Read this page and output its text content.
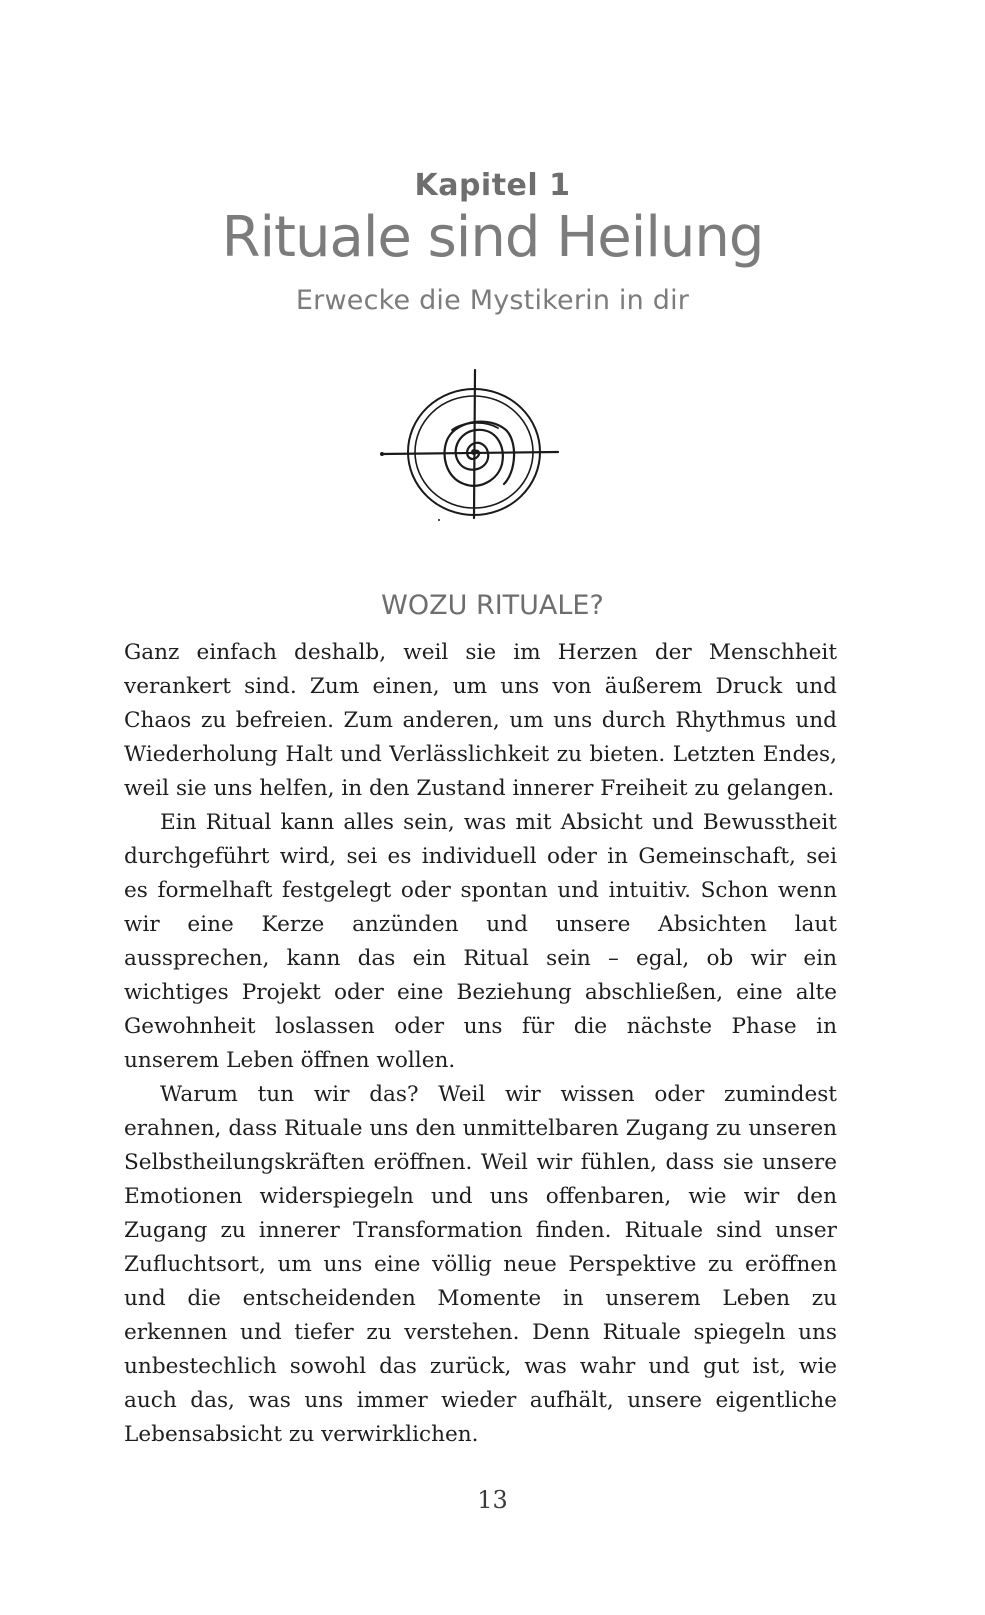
Kapitel 1
Rituale sind Heilung
Erwecke die Mystikerin in dir
WOZU RITUALE?

Ganz einfach deshalb, weil sie im Herzen der Menschheit verankert sind. Zum einen, um uns von äußerem Druck und Chaos zu befreien. Zum anderen, um uns durch Rhythmus und Wiederholung Halt und Verlässlichkeit zu bieten. Letzten Endes, weil sie uns helfen, in den Zustand innerer Freiheit zu gelangen.

Ein Ritual kann alles sein, was mit Absicht und Bewusstheit durchgeführt wird, sei es individuell oder in Gemeinschaft, sei es formelhaft festgelegt oder spontan und intuitiv. Schon wenn wir eine Kerze anzünden und unsere Absichten laut aussprechen, kann das ein Ritual sein – egal, ob wir ein wichtiges Projekt oder eine Beziehung abschließen, eine alte Gewohnheit loslassen oder uns für die nächste Phase in unserem Leben öffnen wollen.

Warum tun wir das? Weil wir wissen oder zumindest erahnen, dass Rituale uns den unmittelbaren Zugang zu unseren Selbstheilungskräften eröffnen. Weil wir fühlen, dass sie unsere Emotionen widerspiegeln und uns offenbaren, wie wir den Zugang zu innerer Transformation finden. Rituale sind unser Zufluchtsort, um uns eine völlig neue Perspektive zu eröffnen und die entscheidenden Momente in unserem Leben zu erkennen und tiefer zu verstehen. Denn Rituale spiegeln uns unbestechlich sowohl das zurück, was wahr und gut ist, wie auch das, was uns immer wieder aufhält, unsere eigentliche Lebensabsicht zu verwirklichen.

13
